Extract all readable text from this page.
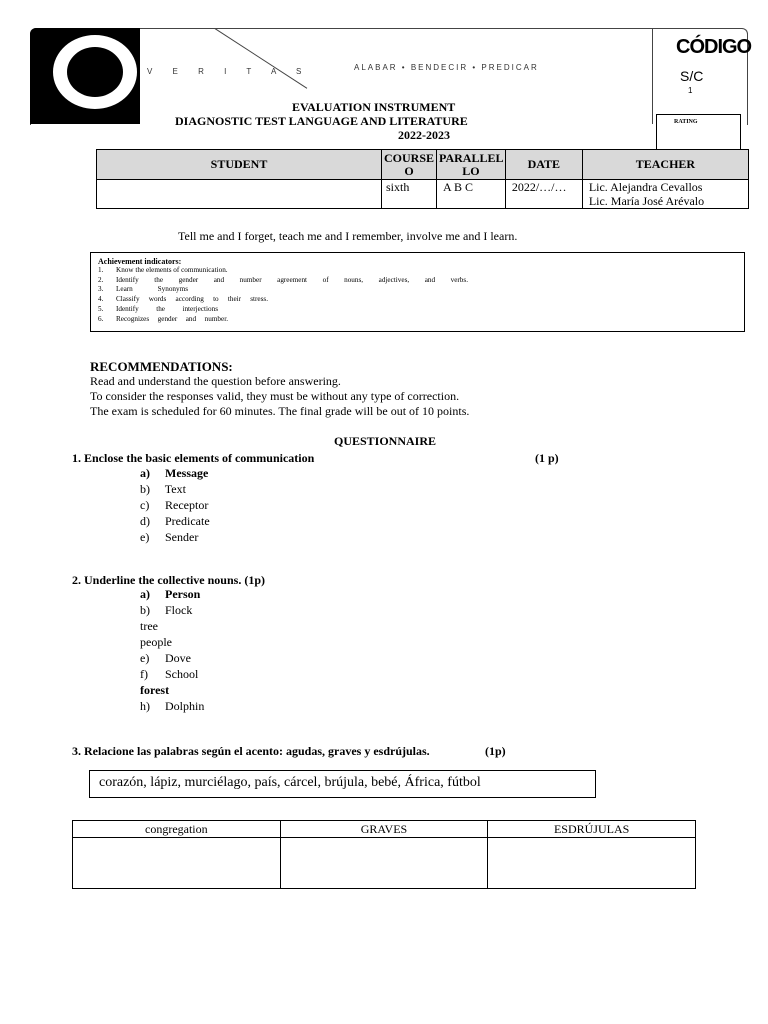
V E R I T A S	ALABAR • BENDECIR • PREDICAR
CÓDIGO
S/C
1
RATING
EVALUATION INSTRUMENT
DIAGNOSTIC TEST LANGUAGE AND LITERATURE
2022-2023
STUDENT	COURSE O	PARALLEL LO	DATE	TEACHER
	sixth	A B C	2022/…/…	Lic. Alejandra Cevallos
Lic. María José Arévalo
Tell me and I forget, teach me and I remember, involve me and I learn.
Achievement indicators:
1.	Know the elements of communication.
2.	Identify the gender and number agreement of nouns, adjectives, and verbs.
3.	Learn Synonyms
4.	Classify words according to their stress.
5.	Identify the interjections
6.	Recognizes gender and number.
RECOMMENDATIONS:
Read and understand the question before answering.
To consider the responses valid, they must be without any type of correction.
The exam is scheduled for 60 minutes. The final grade will be out of 10 points.
QUESTIONNAIRE
1. Enclose the basic elements of communication	(1 p)
a) Message
b) Text
c) Receptor
d) Predicate
e) Sender
2. Underline the collective nouns. (1p)
a) Person
b) Flock
tree
people
e) Dove
f) School
forest
h) Dolphin
3. Relacione las palabras según el acento: agudas, graves y esdrújulas.	(1p)
corazón, lápiz, murciélago, país, cárcel, brújula, bebé, África, fútbol
congregation	GRAVES	ESDRÚJULAS
